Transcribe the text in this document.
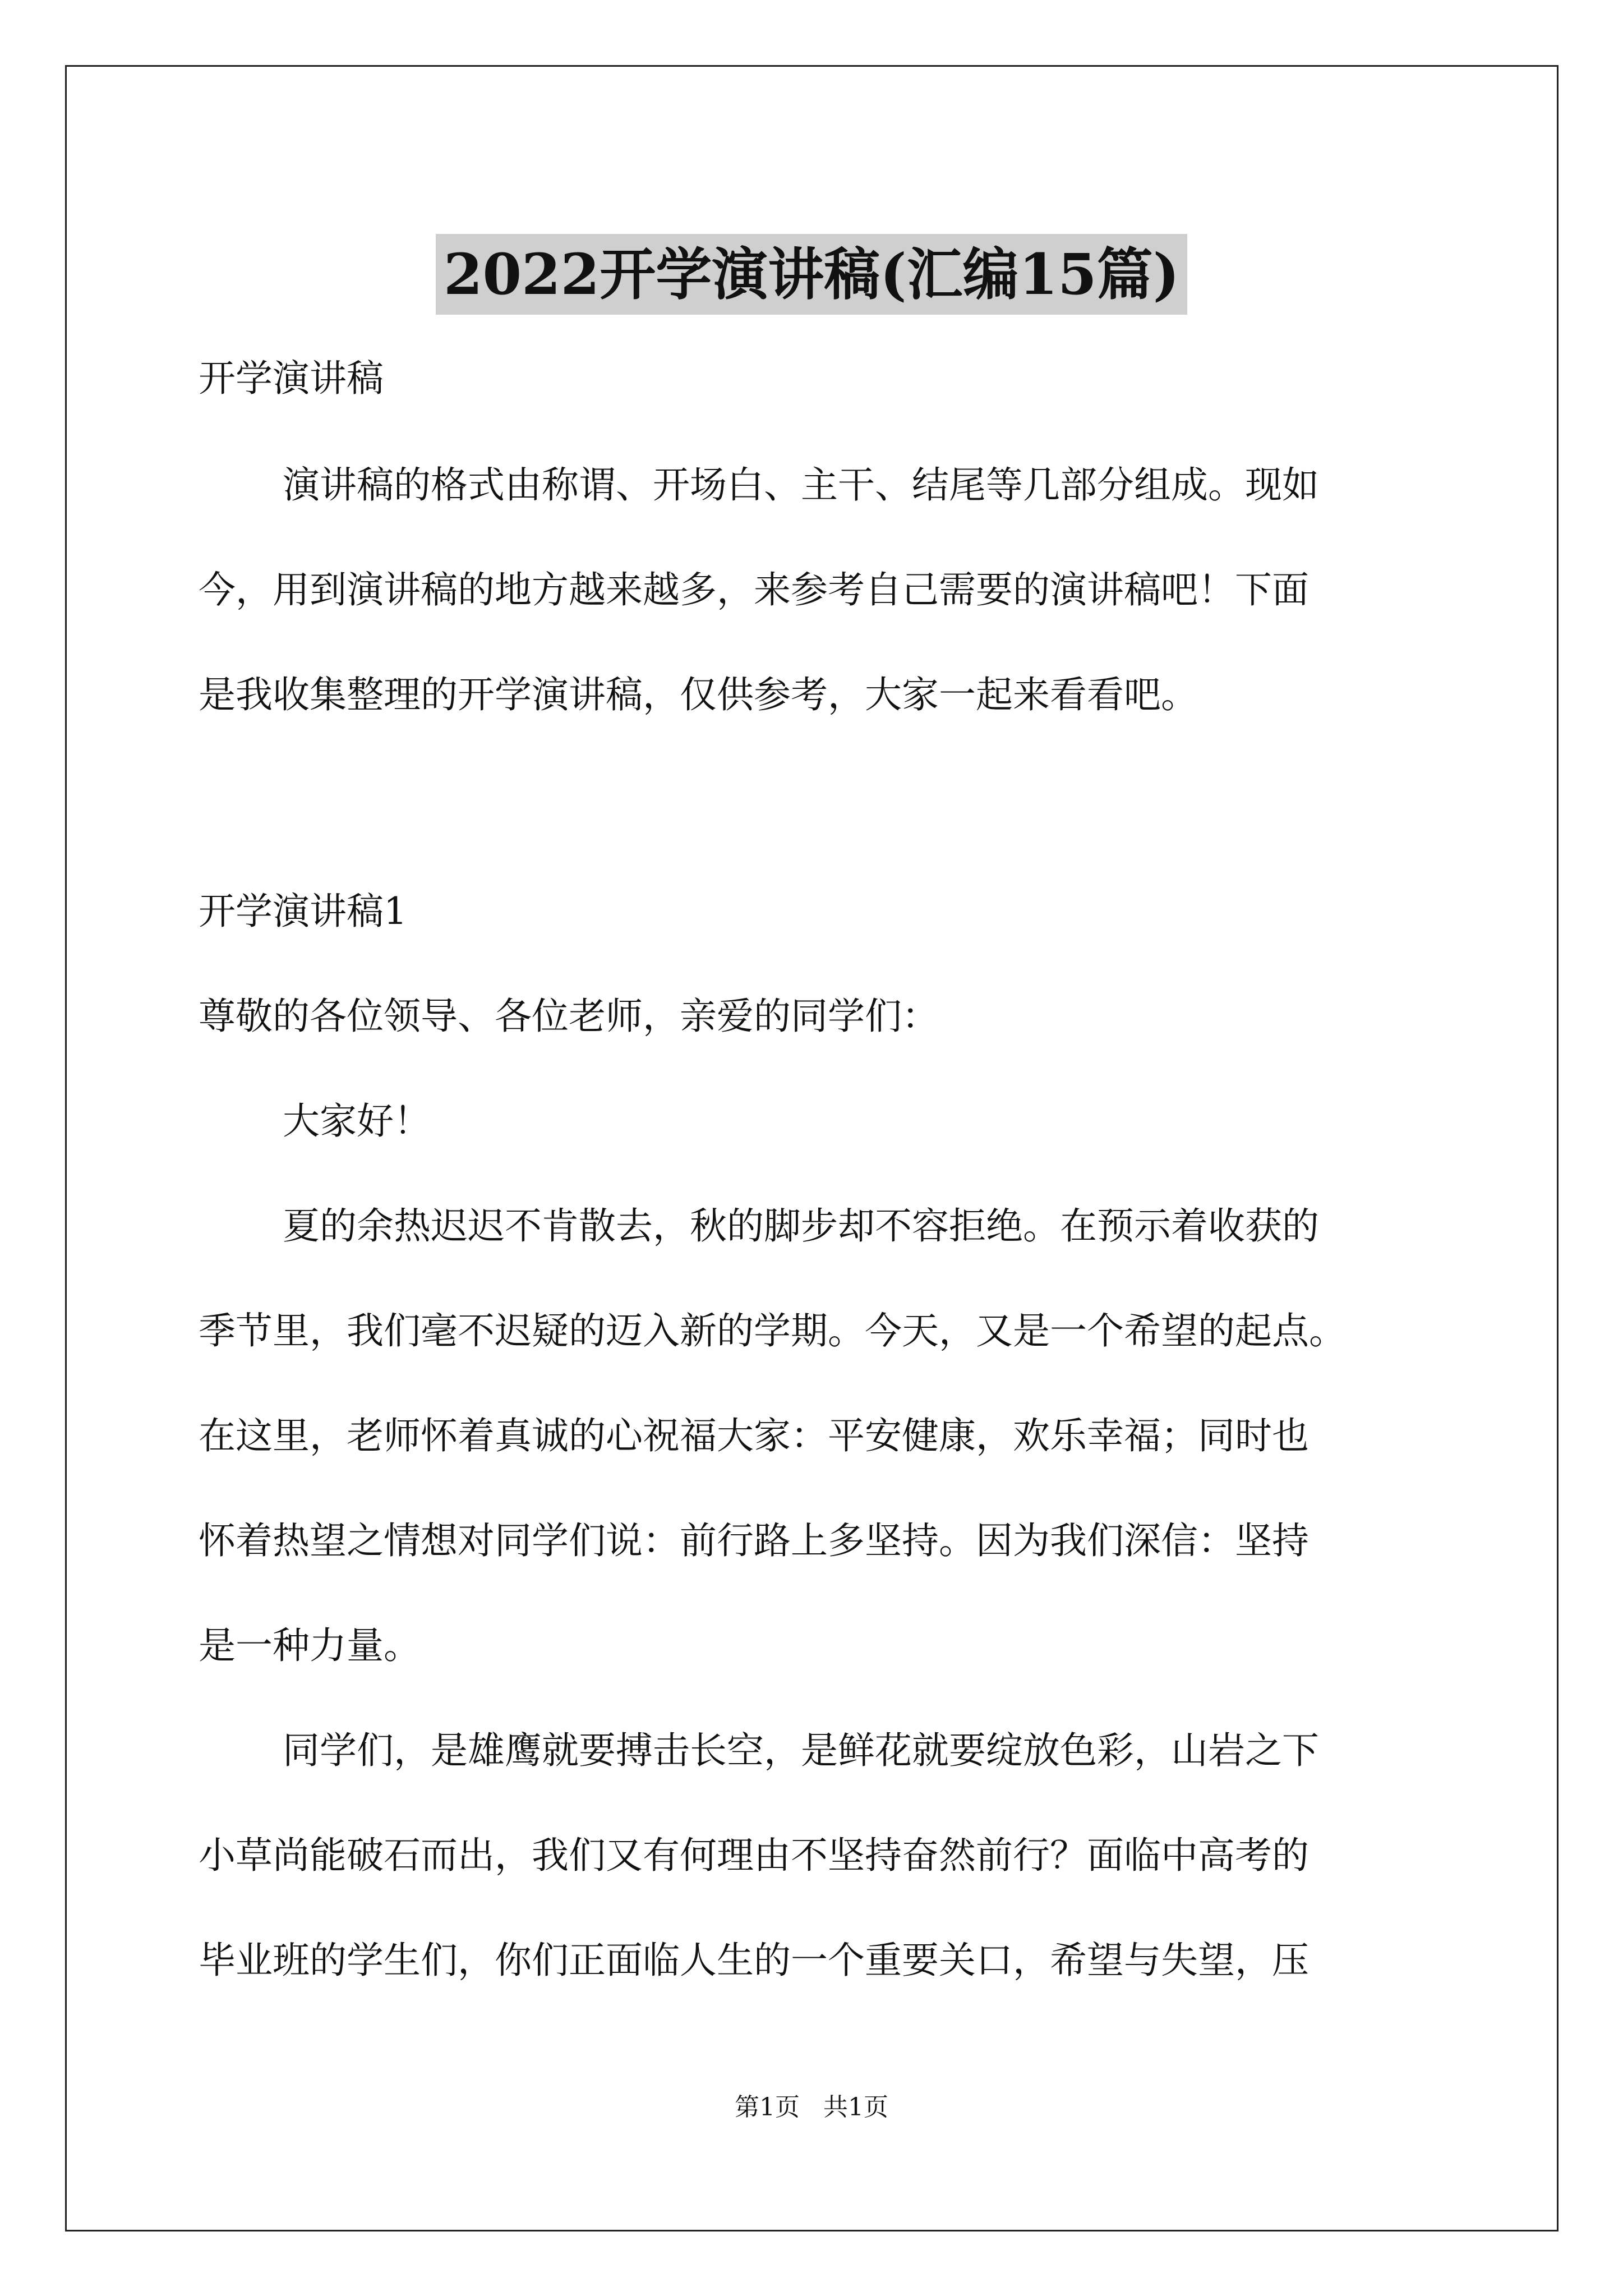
2022开学演讲稿(汇编15篇)

开学演讲稿

演讲稿的格式由称谓、开场白、主干、结尾等几部分组成。现如

今，用到演讲稿的地方越来越多，来参考自己需要的演讲稿吧！下面

是我收集整理的开学演讲稿，仅供参考，大家一起来看看吧。

开学演讲稿1

尊敬的各位领导、各位老师，亲爱的同学们：

大家好！

夏的余热迟迟不肯散去，秋的脚步却不容拒绝。在预示着收获的

季节里，我们毫不迟疑的迈入新的学期。今天，又是一个希望的起点。

在这里，老师怀着真诚的心祝福大家：平安健康，欢乐幸福；同时也

怀着热望之情想对同学们说：前行路上多坚持。因为我们深信：坚持

是一种力量。

同学们，是雄鹰就要搏击长空，是鲜花就要绽放色彩，山岩之下

小草尚能破石而出，我们又有何理由不坚持奋然前行？面临中高考的

毕业班的学生们，你们正面临人生的一个重要关口，希望与失望，压

第1页 共1页
